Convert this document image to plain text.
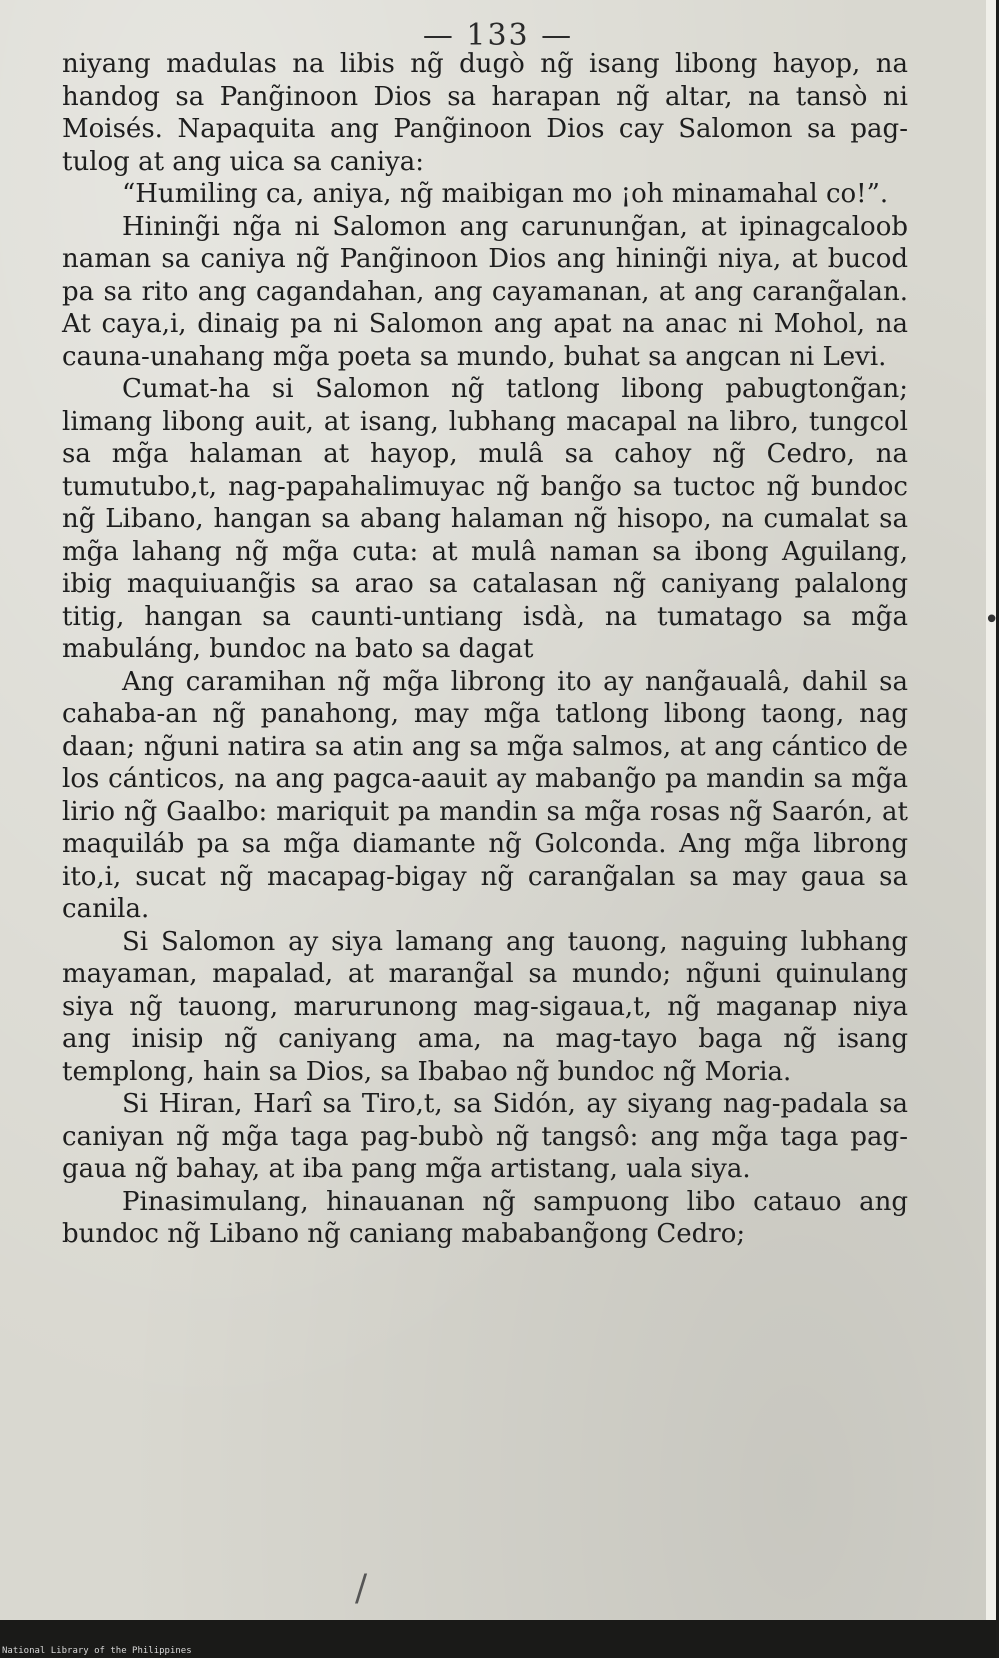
— 133 —

niyang madulas na libis ng̃ dugò ng̃ isang libong hayop, na handog sa Pang̃inoon Dios sa harapan ng̃ altar, na tansò ni Moisés. Napaquita ang Pang̃inoon Dios cay Salomon sa pag-tulog at ang uica sa caniya:

“Humiling ca, aniya, ng̃ maibigan mo ¡oh minamahal co!”.

Hining̃i ng̃a ni Salomon ang carunung̃an, at ipinagcaloob naman sa caniya ng̃ Pang̃inoon Dios ang hining̃i niya, at bucod pa sa rito ang cagandahan, ang cayamanan, at ang carang̃alan. At caya,i, dinaig pa ni Salomon ang apat na anac ni Mohol, na cauna-unahang mg̃a poeta sa mundo, buhat sa angcan ni Levi.

Cumat-ha si Salomon ng̃ tatlong libong pabugtong̃an; limang libong auit, at isang, lubhang macapal na libro, tungcol sa mg̃a halaman at hayop, mulâ sa cahoy ng̃ Cedro, na tumutubo,t, nag-papahalimuyac ng̃ bang̃o sa tuctoc ng̃ bundoc ng̃ Libano, hangan sa abang halaman ng̃ hisopo, na cumalat sa mg̃a lahang ng̃ mg̃a cuta: at mulâ naman sa ibong Aguilang, ibig maquiuang̃is sa arao sa catalasan ng̃ caniyang palalong titig, hangan sa caunti-untiang isdà, na tumatago sa mg̃a mabuláng, bundoc na bato sa dagat

Ang caramihan ng̃ mg̃a librong ito ay nang̃aualâ, dahil sa cahaba-an ng̃ panahong, may mg̃a tatlong libong taong, nag daan; ng̃uni natira sa atin ang sa mg̃a salmos, at ang cántico de los cánticos, na ang pagca-aauit ay mabang̃o pa mandin sa mg̃a lirio ng̃ Gaalbo: mariquit pa mandin sa mg̃a rosas ng̃ Saarón, at maquiláb pa sa mg̃a diamante ng̃ Golconda. Ang mg̃a librong ito,i, sucat ng̃ macapag-bigay ng̃ carang̃alan sa may gaua sa canila.

Si Salomon ay siya lamang ang tauong, naguing lubhang mayaman, mapalad, at marang̃al sa mundo; ng̃uni quinulang siya ng̃ tauong, marurunong mag-sigaua,t, ng̃ maganap niya ang inisip ng̃ caniyang ama, na mag-tayo baga ng̃ isang templong, hain sa Dios, sa Ibabao ng̃ bundoc ng̃ Moria.

Si Hiran, Harî sa Tiro,t, sa Sidón, ay siyang nag-padala sa caniyan ng̃ mg̃a taga pag-bubò ng̃ tangsô: ang mg̃a taga pag-gaua ng̃ bahay, at iba pang mg̃a artistang, uala siya.

Pinasimulang, hinauanan ng̃ sampuong libo catauo ang bundoc ng̃ Libano ng̃ caniang mababang̃ong Cedro;

•
/
National Library of the Philippines
